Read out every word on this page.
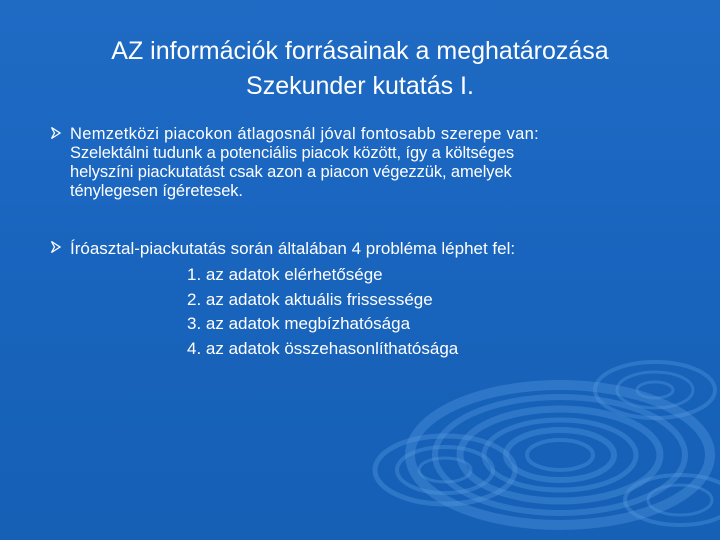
AZ információk forrásainak a meghatározása
Szekunder kutatás I.
Nemzetközi piacokon átlagosnál jóval fontosabb szerepe van:
Szelektálni tudunk a potenciális piacok között, így a költséges
helyszíni piackutatást csak azon a piacon végezzük, amelyek
ténylegesen ígéretesek.
Íróasztal-piackutatás során általában 4 probléma léphet fel:
1. az adatok elérhetősége
2. az adatok aktuális frissessége
3. az adatok megbízhatósága
4. az adatok összehasonlíthatósága
